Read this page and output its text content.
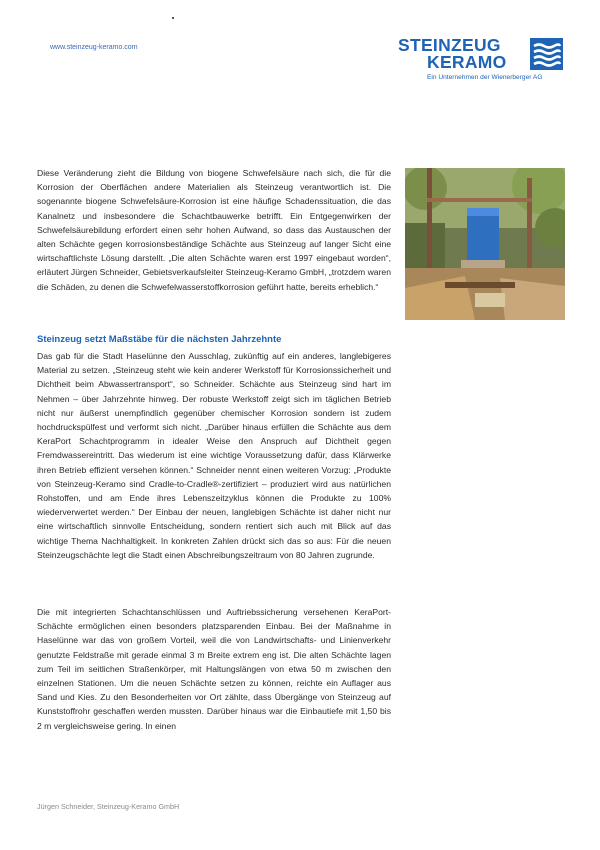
www.steinzeug-keramo.com	STEINZEUG
KERAMO
Ein Unternehmen der Wienerberger AG

Diese Veränderung zieht die Bildung von biogene Schwefelsäure nach sich, die für die Korrosion der Oberflächen andere Materialien als Steinzeug verantwortlich ist. Die sogenannte biogene Schwefelsäure-Korrosion ist eine häufige Schadenssituation, die das Kanalnetz und insbesondere die Schachtbauwerke betrifft. Ein Entgegenwirken der Schwefelsäurebildung erfordert einen sehr hohen Aufwand, so dass das Austauschen der alten Schächte gegen korrosionsbeständige Schächte aus Steinzeug auf langer Sicht eine wirtschaftlichste Lösung darstellt. „Die alten Schächte waren erst 1997 eingebaut worden“, erläutert Jürgen Schneider, Gebietsverkaufsleiter Steinzeug-Keramo GmbH, „trotzdem waren die Schäden, zu denen die Schwefelwasserstoffkorrosion geführt hatte, bereits erheblich.“

Steinzeug setzt Maßstäbe für die nächsten Jahrzehnte

Das gab für die Stadt Haselünne den Ausschlag, zukünftig auf ein anderes, langlebigeres Material zu setzen. „Steinzeug steht wie kein anderer Werkstoff für Korrosionssicherheit und Dichtheit beim Abwassertransport“, so Schneider. Schächte aus Steinzeug sind hart im Nehmen – über Jahrzehnte hinweg. Der robuste Werkstoff zeigt sich im täglichen Betrieb nicht nur äußerst unempfindlich gegenüber chemischer Korrosion sondern ist zudem hochdruckspülfest und verformt sich nicht. „Darüber hinaus erfüllen die Schächte aus dem KeraPort Schachtprogramm in idealer Weise den Anspruch auf Dichtheit gegen Fremdwassereintritt. Das wiederum ist eine wichtige Voraussetzung dafür, dass Klärwerke ihren Betrieb effizient versehen können.“ Schneider nennt einen weiteren Vorzug: „Produkte von Steinzeug-Keramo sind Cradle-to-Cradle®-zertifiziert – produziert wird aus natürlichen Rohstoffen, und am Ende ihres Lebenszeitzyklus können die Produkte zu 100% wiederverwertet werden.“ Der Einbau der neuen, langlebigen Schächte ist daher nicht nur eine wirtschaftlich sinnvolle Entscheidung, sondern rentiert sich auch mit Blick auf das wichtige Thema Nachhaltigkeit. In konkreten Zahlen drückt sich das so aus: Für die neuen Steinzeugschächte legt die Stadt einen Abschreibungszeitraum von 80 Jahren zugrunde.

Die mit integrierten Schachtanschlüssen und Auftriebssicherung versehenen KeraPort-Schächte ermöglichen einen besonders platzsparenden Einbau. Bei der Maßnahme in Haselünne war das von großem Vorteil, weil die von Landwirtschafts- und Linienverkehr genutzte Feldstraße mit gerade einmal 3 m Breite extrem eng ist. Die alten Schächte lagen zum Teil im seitlichen Straßenkörper, mit Haltungslängen von etwa 50 m zwischen den einzelnen Stationen. Um die neuen Schächte setzen zu können, reichte ein Auflager aus Sand und Kies. Zu den Besonderheiten vor Ort zählte, dass Übergänge von Steinzeug auf Kunststoffrohr geschaffen werden mussten. Darüber hinaus war die Einbautiefe mit 1,50 bis 2 m vergleichsweise gering. In einen

Jürgen Schneider, Steinzeug-Keramo GmbH
